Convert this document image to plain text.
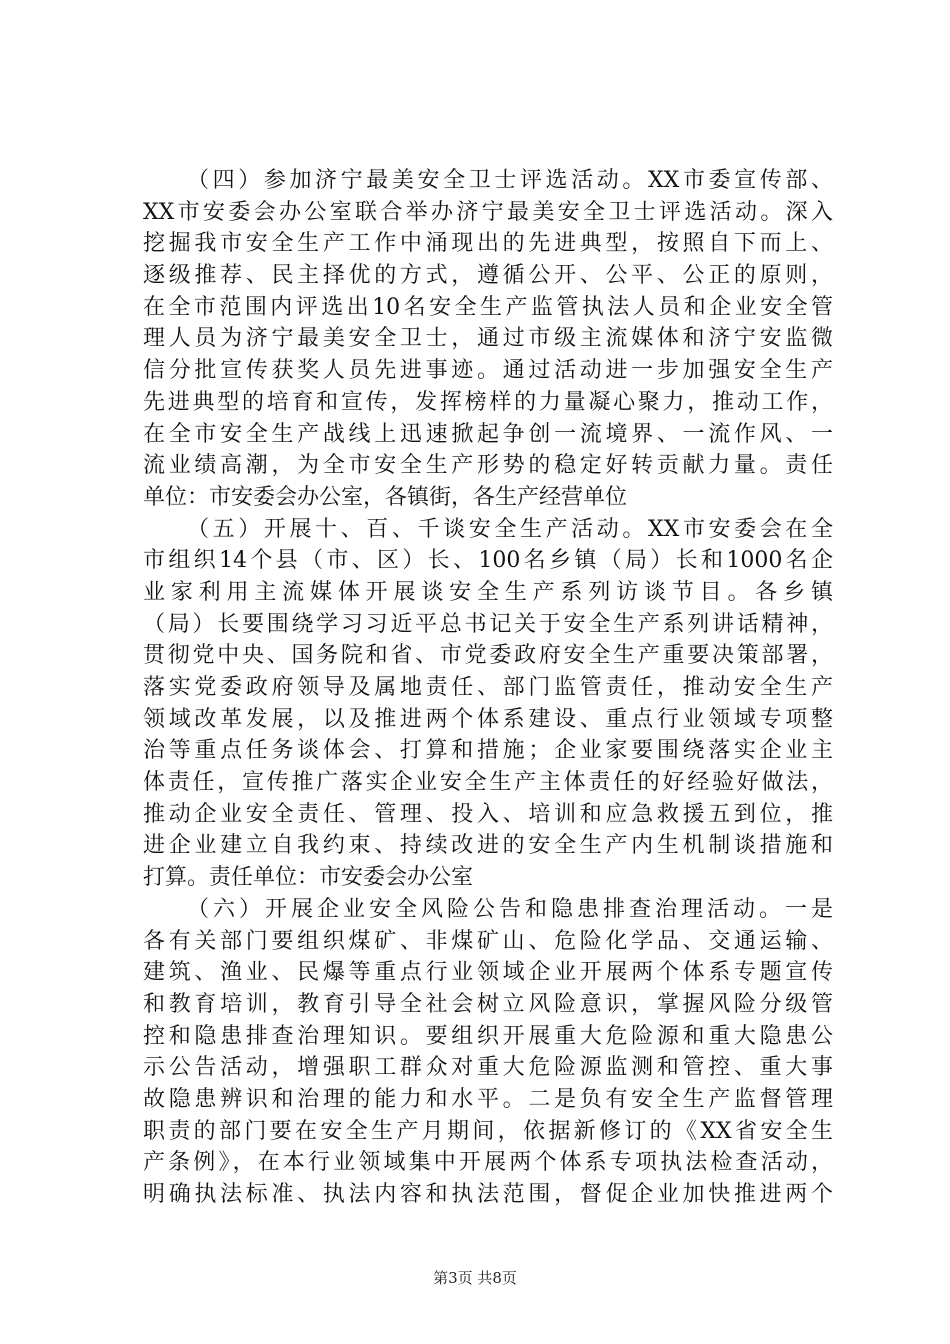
（四）参加济宁最美安全卫士评选活动。XX市委宣传部、
XX市安委会办公室联合举办济宁最美安全卫士评选活动。深入
挖掘我市安全生产工作中涌现出的先进典型，按照自下而上、
逐级推荐、民主择优的方式，遵循公开、公平、公正的原则，
在全市范围内评选出10名安全生产监管执法人员和企业安全管
理人员为济宁最美安全卫士，通过市级主流媒体和济宁安监微
信分批宣传获奖人员先进事迹。通过活动进一步加强安全生产
先进典型的培育和宣传，发挥榜样的力量凝心聚力，推动工作，
在全市安全生产战线上迅速掀起争创一流境界、一流作风、一
流业绩高潮，为全市安全生产形势的稳定好转贡献力量。责任
单位：市安委会办公室，各镇街，各生产经营单位
（五）开展十、百、千谈安全生产活动。XX市安委会在全
市组织14个县（市、区）长、100名乡镇（局）长和1000名企
业家利用主流媒体开展谈安全生产系列访谈节目。各乡镇
（局）长要围绕学习习近平总书记关于安全生产系列讲话精神，
贯彻党中央、国务院和省、市党委政府安全生产重要决策部署，
落实党委政府领导及属地责任、部门监管责任，推动安全生产
领域改革发展，以及推进两个体系建设、重点行业领域专项整
治等重点任务谈体会、打算和措施；企业家要围绕落实企业主
体责任，宣传推广落实企业安全生产主体责任的好经验好做法，
推动企业安全责任、管理、投入、培训和应急救援五到位，推
进企业建立自我约束、持续改进的安全生产内生机制谈措施和
打算。责任单位：市安委会办公室
（六）开展企业安全风险公告和隐患排查治理活动。一是
各有关部门要组织煤矿、非煤矿山、危险化学品、交通运输、
建筑、渔业、民爆等重点行业领域企业开展两个体系专题宣传
和教育培训，教育引导全社会树立风险意识，掌握风险分级管
控和隐患排查治理知识。要组织开展重大危险源和重大隐患公
示公告活动，增强职工群众对重大危险源监测和管控、重大事
故隐患辨识和治理的能力和水平。二是负有安全生产监督管理
职责的部门要在安全生产月期间，依据新修订的《XX省安全生
产条例》，在本行业领域集中开展两个体系专项执法检查活动，
明确执法标准、执法内容和执法范围，督促企业加快推进两个
第3页 共8页
